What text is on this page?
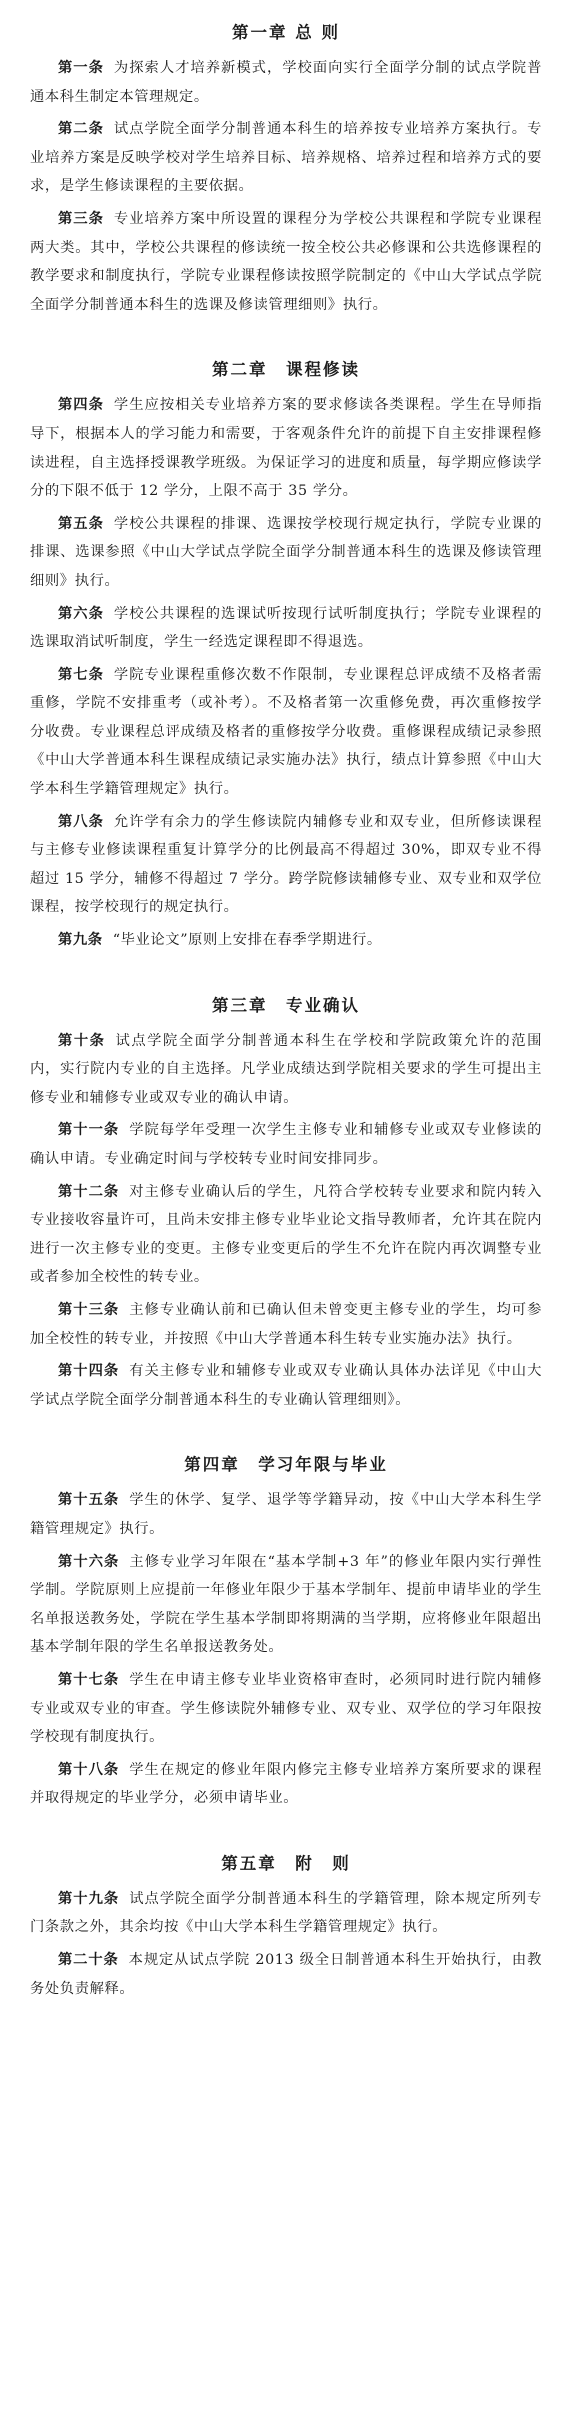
第一章 总 则

第一条 为探索人才培养新模式，学校面向实行全面学分制的试点学院普通本科生制定本管理规定。

第二条 试点学院全面学分制普通本科生的培养按专业培养方案执行。专业培养方案是反映学校对学生培养目标、培养规格、培养过程和培养方式的要求，是学生修读课程的主要依据。

第三条 专业培养方案中所设置的课程分为学校公共课程和学院专业课程两大类。其中，学校公共课程的修读统一按全校公共必修课和公共选修课程的教学要求和制度执行，学院专业课程修读按照学院制定的《中山大学试点学院全面学分制普通本科生的选课及修读管理细则》执行。

第二章　课程修读

第四条 学生应按相关专业培养方案的要求修读各类课程。学生在导师指导下，根据本人的学习能力和需要，于客观条件允许的前提下自主安排课程修读进程，自主选择授课教学班级。为保证学习的进度和质量，每学期应修读学分的下限不低于 12 学分，上限不高于 35 学分。

第五条 学校公共课程的排课、选课按学校现行规定执行，学院专业课的排课、选课参照《中山大学试点学院全面学分制普通本科生的选课及修读管理细则》执行。

第六条 学校公共课程的选课试听按现行试听制度执行；学院专业课程的选课取消试听制度，学生一经选定课程即不得退选。

第七条 学院专业课程重修次数不作限制，专业课程总评成绩不及格者需重修，学院不安排重考（或补考）。不及格者第一次重修免费，再次重修按学分收费。专业课程总评成绩及格者的重修按学分收费。重修课程成绩记录参照《中山大学普通本科生课程成绩记录实施办法》执行，绩点计算参照《中山大学本科生学籍管理规定》执行。

第八条 允许学有余力的学生修读院内辅修专业和双专业，但所修读课程与主修专业修读课程重复计算学分的比例最高不得超过 30%，即双专业不得超过 15 学分，辅修不得超过 7 学分。跨学院修读辅修专业、双专业和双学位课程，按学校现行的规定执行。

第九条 “毕业论文”原则上安排在春季学期进行。

第三章　专业确认

第十条 试点学院全面学分制普通本科生在学校和学院政策允许的范围内，实行院内专业的自主选择。凡学业成绩达到学院相关要求的学生可提出主修专业和辅修专业或双专业的确认申请。

第十一条 学院每学年受理一次学生主修专业和辅修专业或双专业修读的确认申请。专业确定时间与学校转专业时间安排同步。

第十二条 对主修专业确认后的学生，凡符合学校转专业要求和院内转入专业接收容量许可，且尚未安排主修专业毕业论文指导教师者，允许其在院内进行一次主修专业的变更。主修专业变更后的学生不允许在院内再次调整专业或者参加全校性的转专业。

第十三条 主修专业确认前和已确认但未曾变更主修专业的学生，均可参加全校性的转专业，并按照《中山大学普通本科生转专业实施办法》执行。

第十四条 有关主修专业和辅修专业或双专业确认具体办法详见《中山大学试点学院全面学分制普通本科生的专业确认管理细则》。

第四章　学习年限与毕业

第十五条 学生的休学、复学、退学等学籍异动，按《中山大学本科生学籍管理规定》执行。

第十六条 主修专业学习年限在“基本学制+3 年”的修业年限内实行弹性学制。学院原则上应提前一年修业年限少于基本学制年、提前申请毕业的学生名单报送教务处，学院在学生基本学制即将期满的当学期，应将修业年限超出基本学制年限的学生名单报送教务处。

第十七条 学生在申请主修专业毕业资格审查时，必须同时进行院内辅修专业或双专业的审查。学生修读院外辅修专业、双专业、双学位的学习年限按学校现有制度执行。

第十八条 学生在规定的修业年限内修完主修专业培养方案所要求的课程并取得规定的毕业学分，必须申请毕业。

第五章　附　则

第十九条 试点学院全面学分制普通本科生的学籍管理，除本规定所列专门条款之外，其余均按《中山大学本科生学籍管理规定》执行。

第二十条 本规定从试点学院 2013 级全日制普通本科生开始执行，由教务处负责解释。
